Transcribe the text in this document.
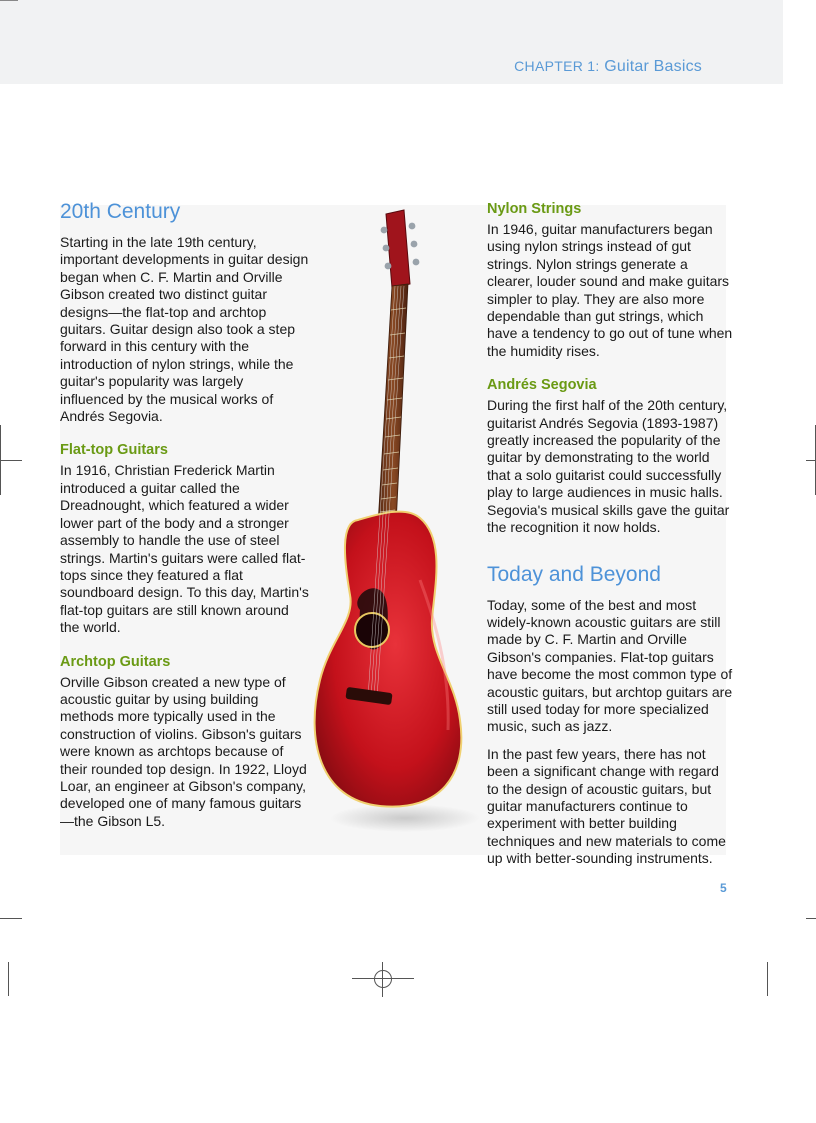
CHAPTER 1: Guitar Basics
20th Century

Starting in the late 19th century, important developments in guitar design began when C. F. Martin and Orville Gibson created two distinct guitar designs—the flat-top and archtop guitars. Guitar design also took a step forward in this century with the introduction of nylon strings, while the guitar's popularity was largely influenced by the musical works of Andrés Segovia.

Flat-top Guitars

In 1916, Christian Frederick Martin introduced a guitar called the Dreadnought, which featured a wider lower part of the body and a stronger assembly to handle the use of steel strings. Martin's guitars were called flat-tops since they featured a flat soundboard design. To this day, Martin's flat-top guitars are still known around the world.

Archtop Guitars

Orville Gibson created a new type of acoustic guitar by using building methods more typically used in the construction of violins. Gibson's guitars were known as archtops because of their rounded top design. In 1922, Lloyd Loar, an engineer at Gibson's company, developed one of many famous guitars—the Gibson L5.

Nylon Strings

In 1946, guitar manufacturers began using nylon strings instead of gut strings. Nylon strings generate a clearer, louder sound and make guitars simpler to play. They are also more dependable than gut strings, which have a tendency to go out of tune when the humidity rises.

Andrés Segovia

During the first half of the 20th century, guitarist Andrés Segovia (1893-1987) greatly increased the popularity of the guitar by demonstrating to the world that a solo guitarist could successfully play to large audiences in music halls. Segovia's musical skills gave the guitar the recognition it now holds.

Today and Beyond

Today, some of the best and most widely-known acoustic guitars are still made by C. F. Martin and Orville Gibson's companies. Flat-top guitars have become the most common type of acoustic guitars, but archtop guitars are still used today for more specialized music, such as jazz.

In the past few years, there has not been a significant change with regard to the design of acoustic guitars, but guitar manufacturers continue to experiment with better building techniques and new materials to come up with better-sounding instruments.

5
